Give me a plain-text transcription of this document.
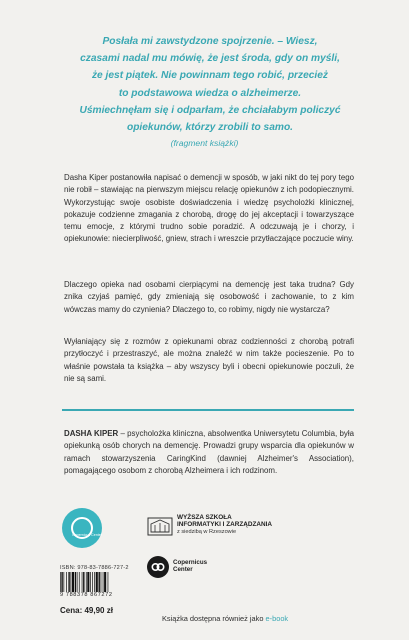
Posłała mi zawstydzone spojrzenie. – Wiesz,
czasami nadal mu mówię, że jest środa, gdy on myśli,
że jest piątek. Nie powinnam tego robić, przecież
to podstawowa wiedza o alzheimerze.
Uśmiechnęłam się i odparłam, że chciałabym policzyć
opiekunów, którzy zrobili to samo.
(fragment książki)

Dasha Kiper postanowiła napisać o demencji w sposób, w jaki nikt do tej pory tego nie robił – stawiając na pierwszym miejscu relację opiekunów z ich podopiecznymi. Wykorzystując swoje osobiste doświadczenia i wiedzę psycholożki klinicznej, pokazuje codzienne zmagania z chorobą, drogę do jej akceptacji i towarzyszące temu emocje, z którymi trudno sobie poradzić. A odczuwają je i chorzy, i opiekunowie: niecierpliwość, gniew, strach i wreszcie przytłaczające poczucie winy.

Dlaczego opieka nad osobami cierpiącymi na demencję jest taka trudna? Gdy znika czyjaś pamięć, gdy zmieniają się osobowość i zachowanie, to z kim wówczas mamy do czynienia? Dlaczego to, co robimy, nigdy nie wystarcza?

Wyłaniający się z rozmów z opiekunami obraz codzienności z chorobą potrafi przytłoczyć i przestraszyć, ale można znaleźć w nim także pocieszenie. Po to właśnie powstała ta książka – aby wszyscy byli i obecni opiekunowie poczuli, że nie są sami.

DASHA KIPER – psycholożka kliniczna, absolwentka Uniwersytetu Columbia, była opiekunką osób chorych na demencję. Prowadzi grupy wsparcia dla opiekunów w ramach stowarzyszenia CaringKind (dawniej Alzheimer's Association), pomagającego osobom z chorobą Alzheimera i ich rodzinom.

Copernicus Center
ISBN: 978-83-7886-727-2
9 788378 867272
Cena: 49,90 zł
WYŻSZA SZKOŁA
INFORMATYKI I ZARZĄDZANIA
z siedzibą w Rzeszowie
Copernicus
Center
Książka dostępna również jako e-book
